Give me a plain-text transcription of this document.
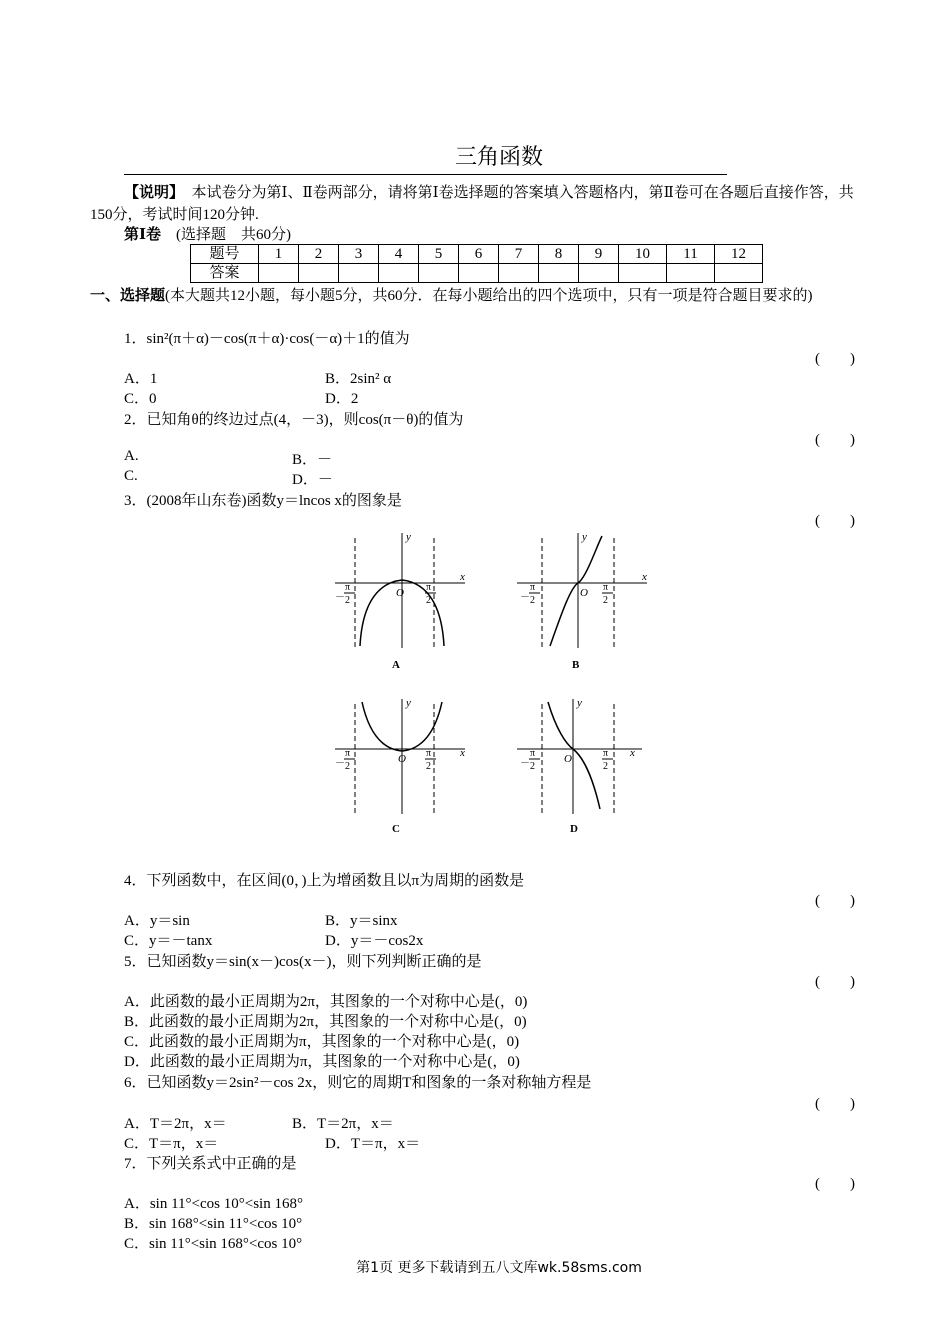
三角函数
【说明】　 本试卷分为第Ⅰ、Ⅱ卷两部分，请将第Ⅰ卷选择题的答案填入答题格内，第Ⅱ卷可在各题后直接作答，共150分，考试时间120分钟.
第Ⅰ卷　 (选择题　共60分)
题号	1	2	3	4	5	6	7	8	9	10	11	12
答案												
一、选择题(本大题共12小题，每小题5分，共60分．在每小题给出的四个选项中，只有一项是符合题目要求的)
1．sin²(π＋α)－cos(π＋α)·cos(－α)＋1的值为
(　　)
A．1	B．2sin² α
C．0	D．2
2．已知角θ的终边过点(4，－3)，则cos(π－θ)的值为
(　　)
A.	B．－
C.	D．－
3．(2008年山东卷)函数y＝lncos x的图象是
(　　)
x
y
O
－
π
2
π
2
A
x
y
O
－
π
2
π
2
B
x
y
O
－
π
2
π
2
C
x
y
O
－
π
2
π
2
D
4．下列函数中，在区间(0，)上为增函数且以π为周期的函数是
(　　)
A．y＝sin	B．y＝sinx
C．y＝－tanx	D．y＝－cos2x
5．已知函数y＝sin(x－)cos(x－)，则下列判断正确的是
(　　)
A．此函数的最小正周期为2π，其图象的一个对称中心是(，0)
B．此函数的最小正周期为2π，其图象的一个对称中心是(，0)
C．此函数的最小正周期为π，其图象的一个对称中心是(，0)
D．此函数的最小正周期为π，其图象的一个对称中心是(，0)
6．已知函数y＝2sin²－cos 2x，则它的周期T和图象的一条对称轴方程是
(　　)
A．T＝2π，x＝	B．T＝2π，x＝
C．T＝π，x＝	D．T＝π，x＝
7．下列关系式中正确的是
(　　)
A．sin 11°<cos 10°<sin 168°
B．sin 168°<sin 11°<cos 10°
C．sin 11°<sin 168°<cos 10°
第1页 更多下载请到五八文库wk.58sms.com
